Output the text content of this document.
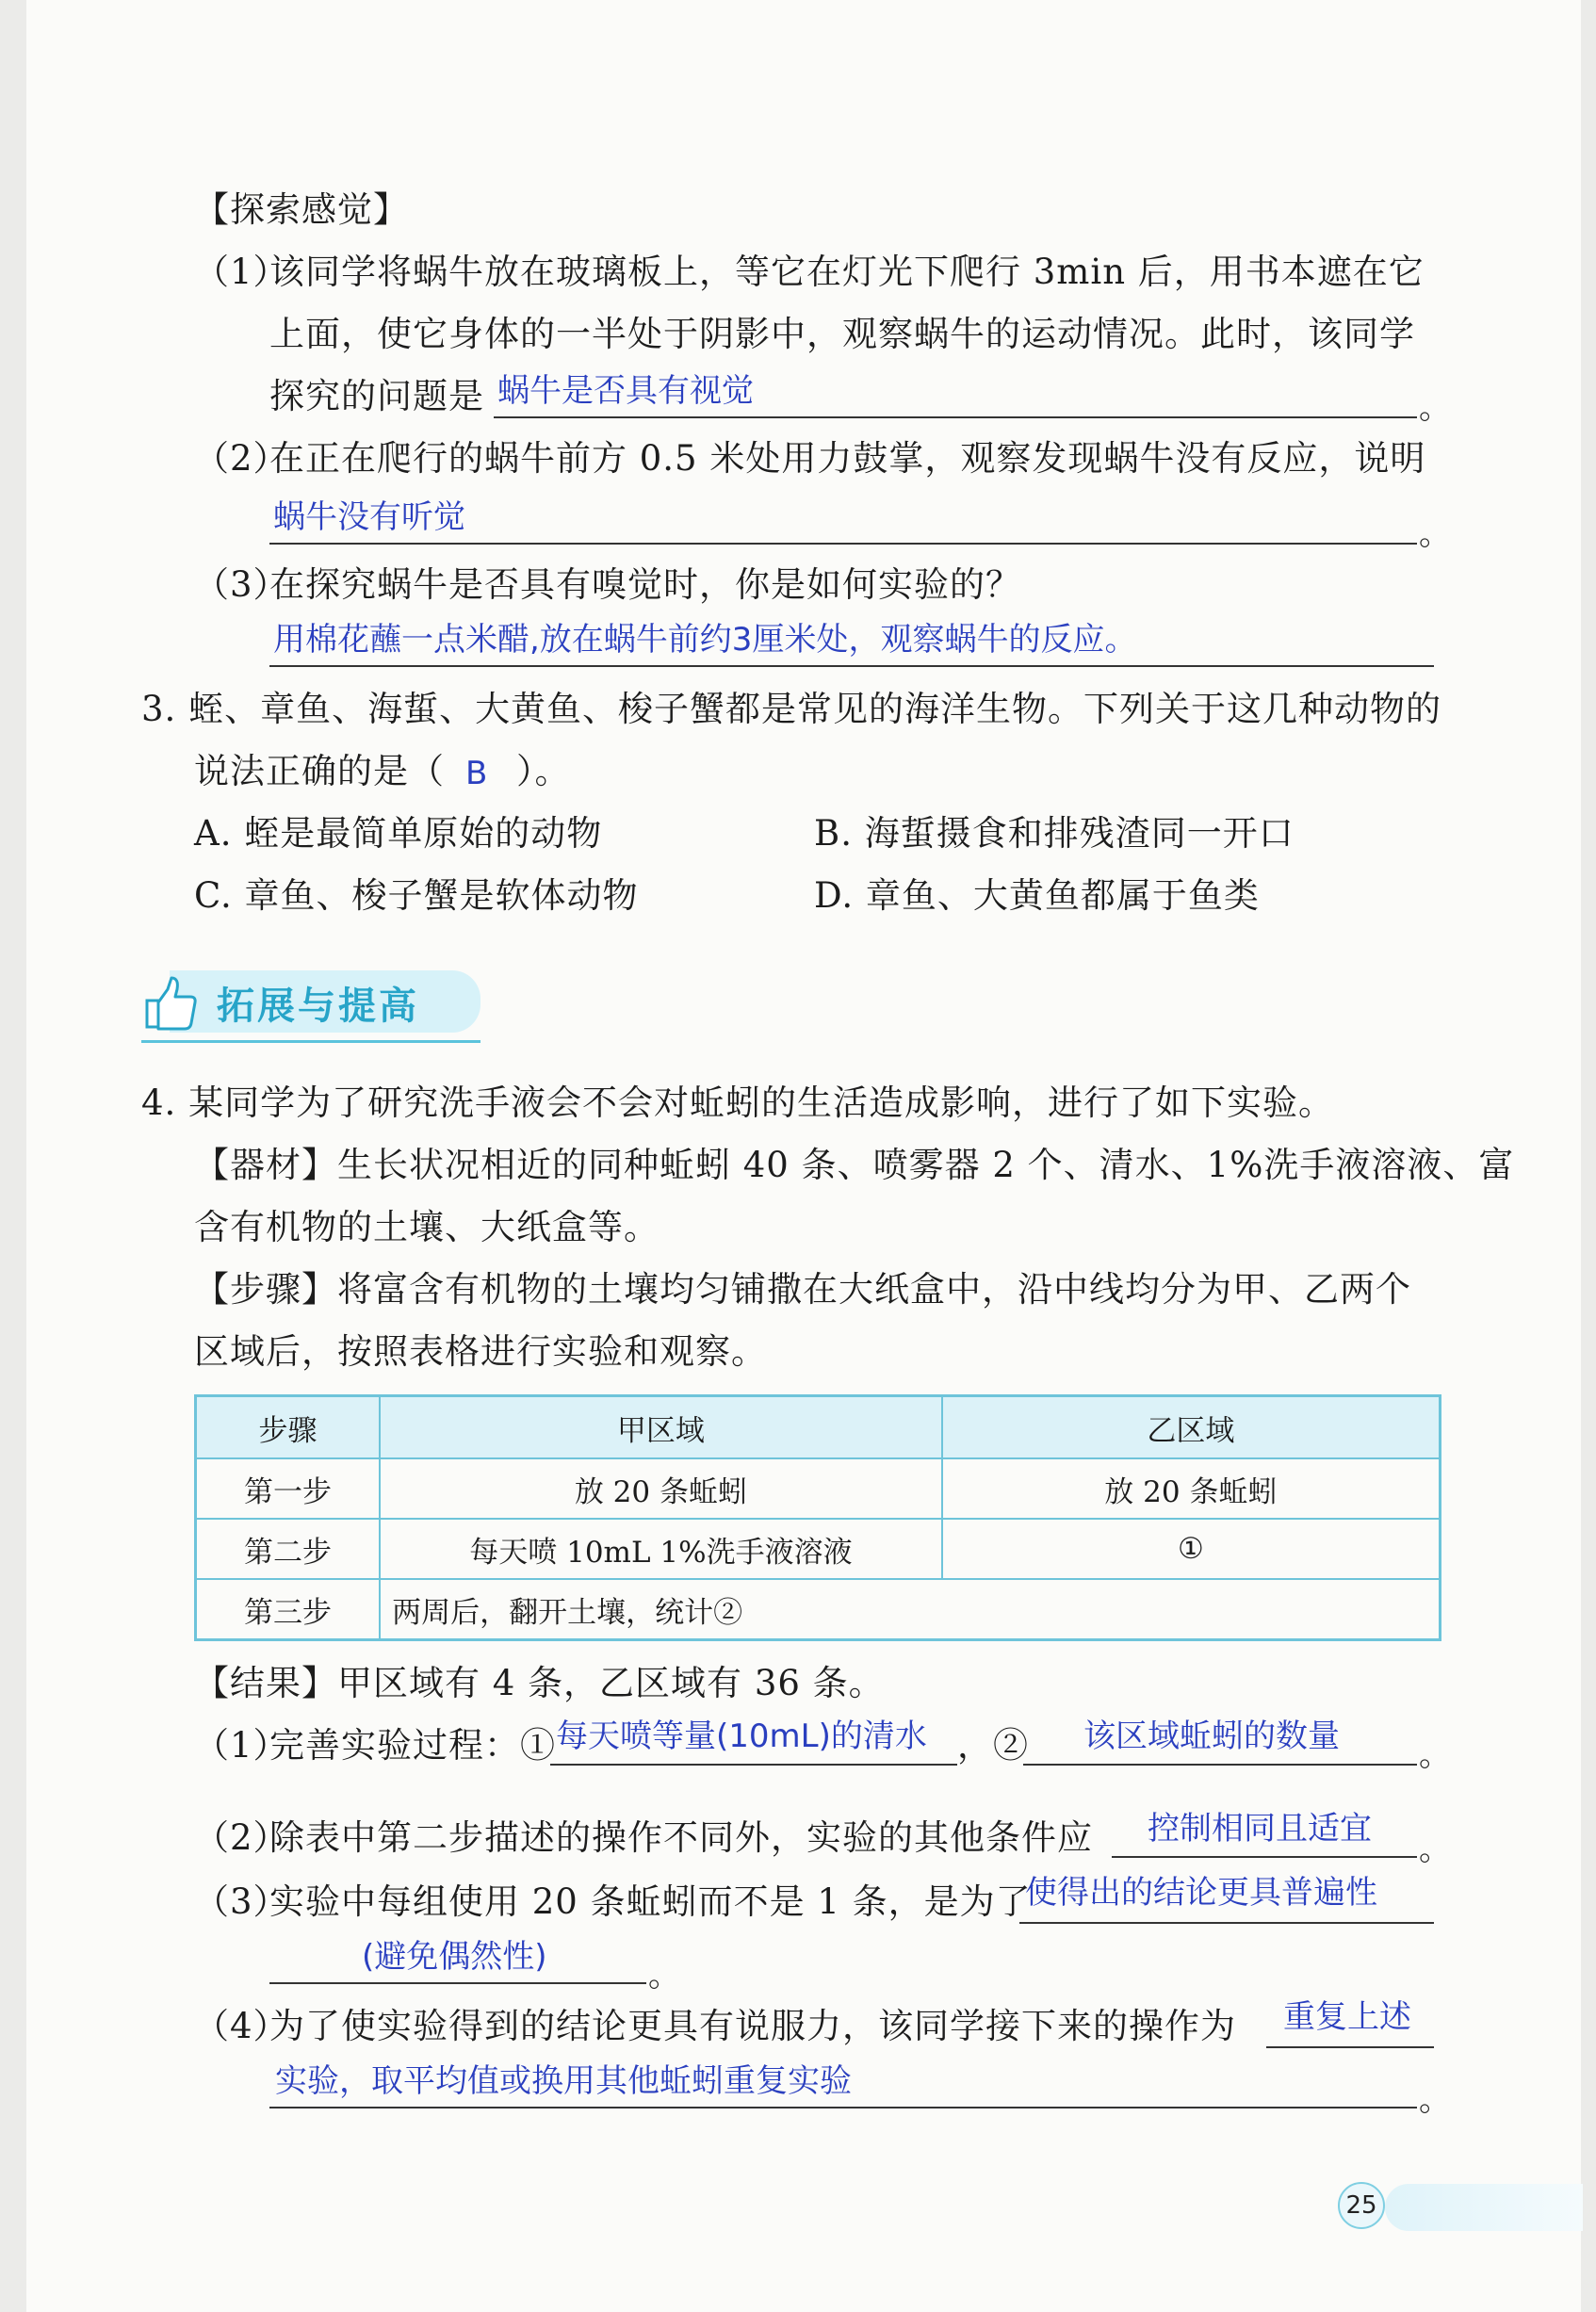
【探索感觉】
（1）
该同学将蜗牛放在玻璃板上，等它在灯光下爬行 3min 后，用书本遮在它
上面，使它身体的一半处于阴影中，观察蜗牛的运动情况。此时，该同学
探究的问题是 蜗牛是否具有视觉	。
（2）
在正在爬行的蜗牛前方 0.5 米处用力鼓掌，观察发现蜗牛没有反应，说明
蜗牛没有听觉	。
（3）
在探究蜗牛是否具有嗅觉时，你是如何实验的？
用棉花蘸一点米醋,放在蜗牛前约3厘米处，观察蜗牛的反应。
3. 蛭、章鱼、海蜇、大黄鱼、梭子蟹都是常见的海洋生物。下列关于这几种动物的
说法正确的是（ B ）。
A. 蛭是最简单原始的动物	B. 海蜇摄食和排残渣同一开口
C. 章鱼、梭子蟹是软体动物	D. 章鱼、大黄鱼都属于鱼类
拓展与提高
4. 某同学为了研究洗手液会不会对蚯蚓的生活造成影响，进行了如下实验。
【器材】生长状况相近的同种蚯蚓 40 条、喷雾器 2 个、清水、1%洗手液溶液、富
含有机物的土壤、大纸盒等。
【步骤】将富含有机物的土壤均匀铺撒在大纸盒中，沿中线均分为甲、乙两个
区域后，按照表格进行实验和观察。
步骤	甲区域	乙区域
第一步	放 20 条蚯蚓	放 20 条蚯蚓
第二步	每天喷 10mL 1%洗手液溶液	①
第三步	两周后，翻开土壤，统计②	
【结果】甲区域有 4 条，乙区域有 36 条。
（1）
完善实验过程：① 每天喷等量(10mL)的清水 ，② 该区域蚯蚓的数量 。
（2）
除表中第二步描述的操作不同外，实验的其他条件应 控制相同且适宜
。
（3）
实验中每组使用 20 条蚯蚓而不是 1 条，是为了
使得出的结论更具普遍性
(避免偶然性)	。
（4）
为了使实验得到的结论更具有说服力，该同学接下来的操作为 重复上述
实验，取平均值或换用其他蚯蚓重复实验	。
25
